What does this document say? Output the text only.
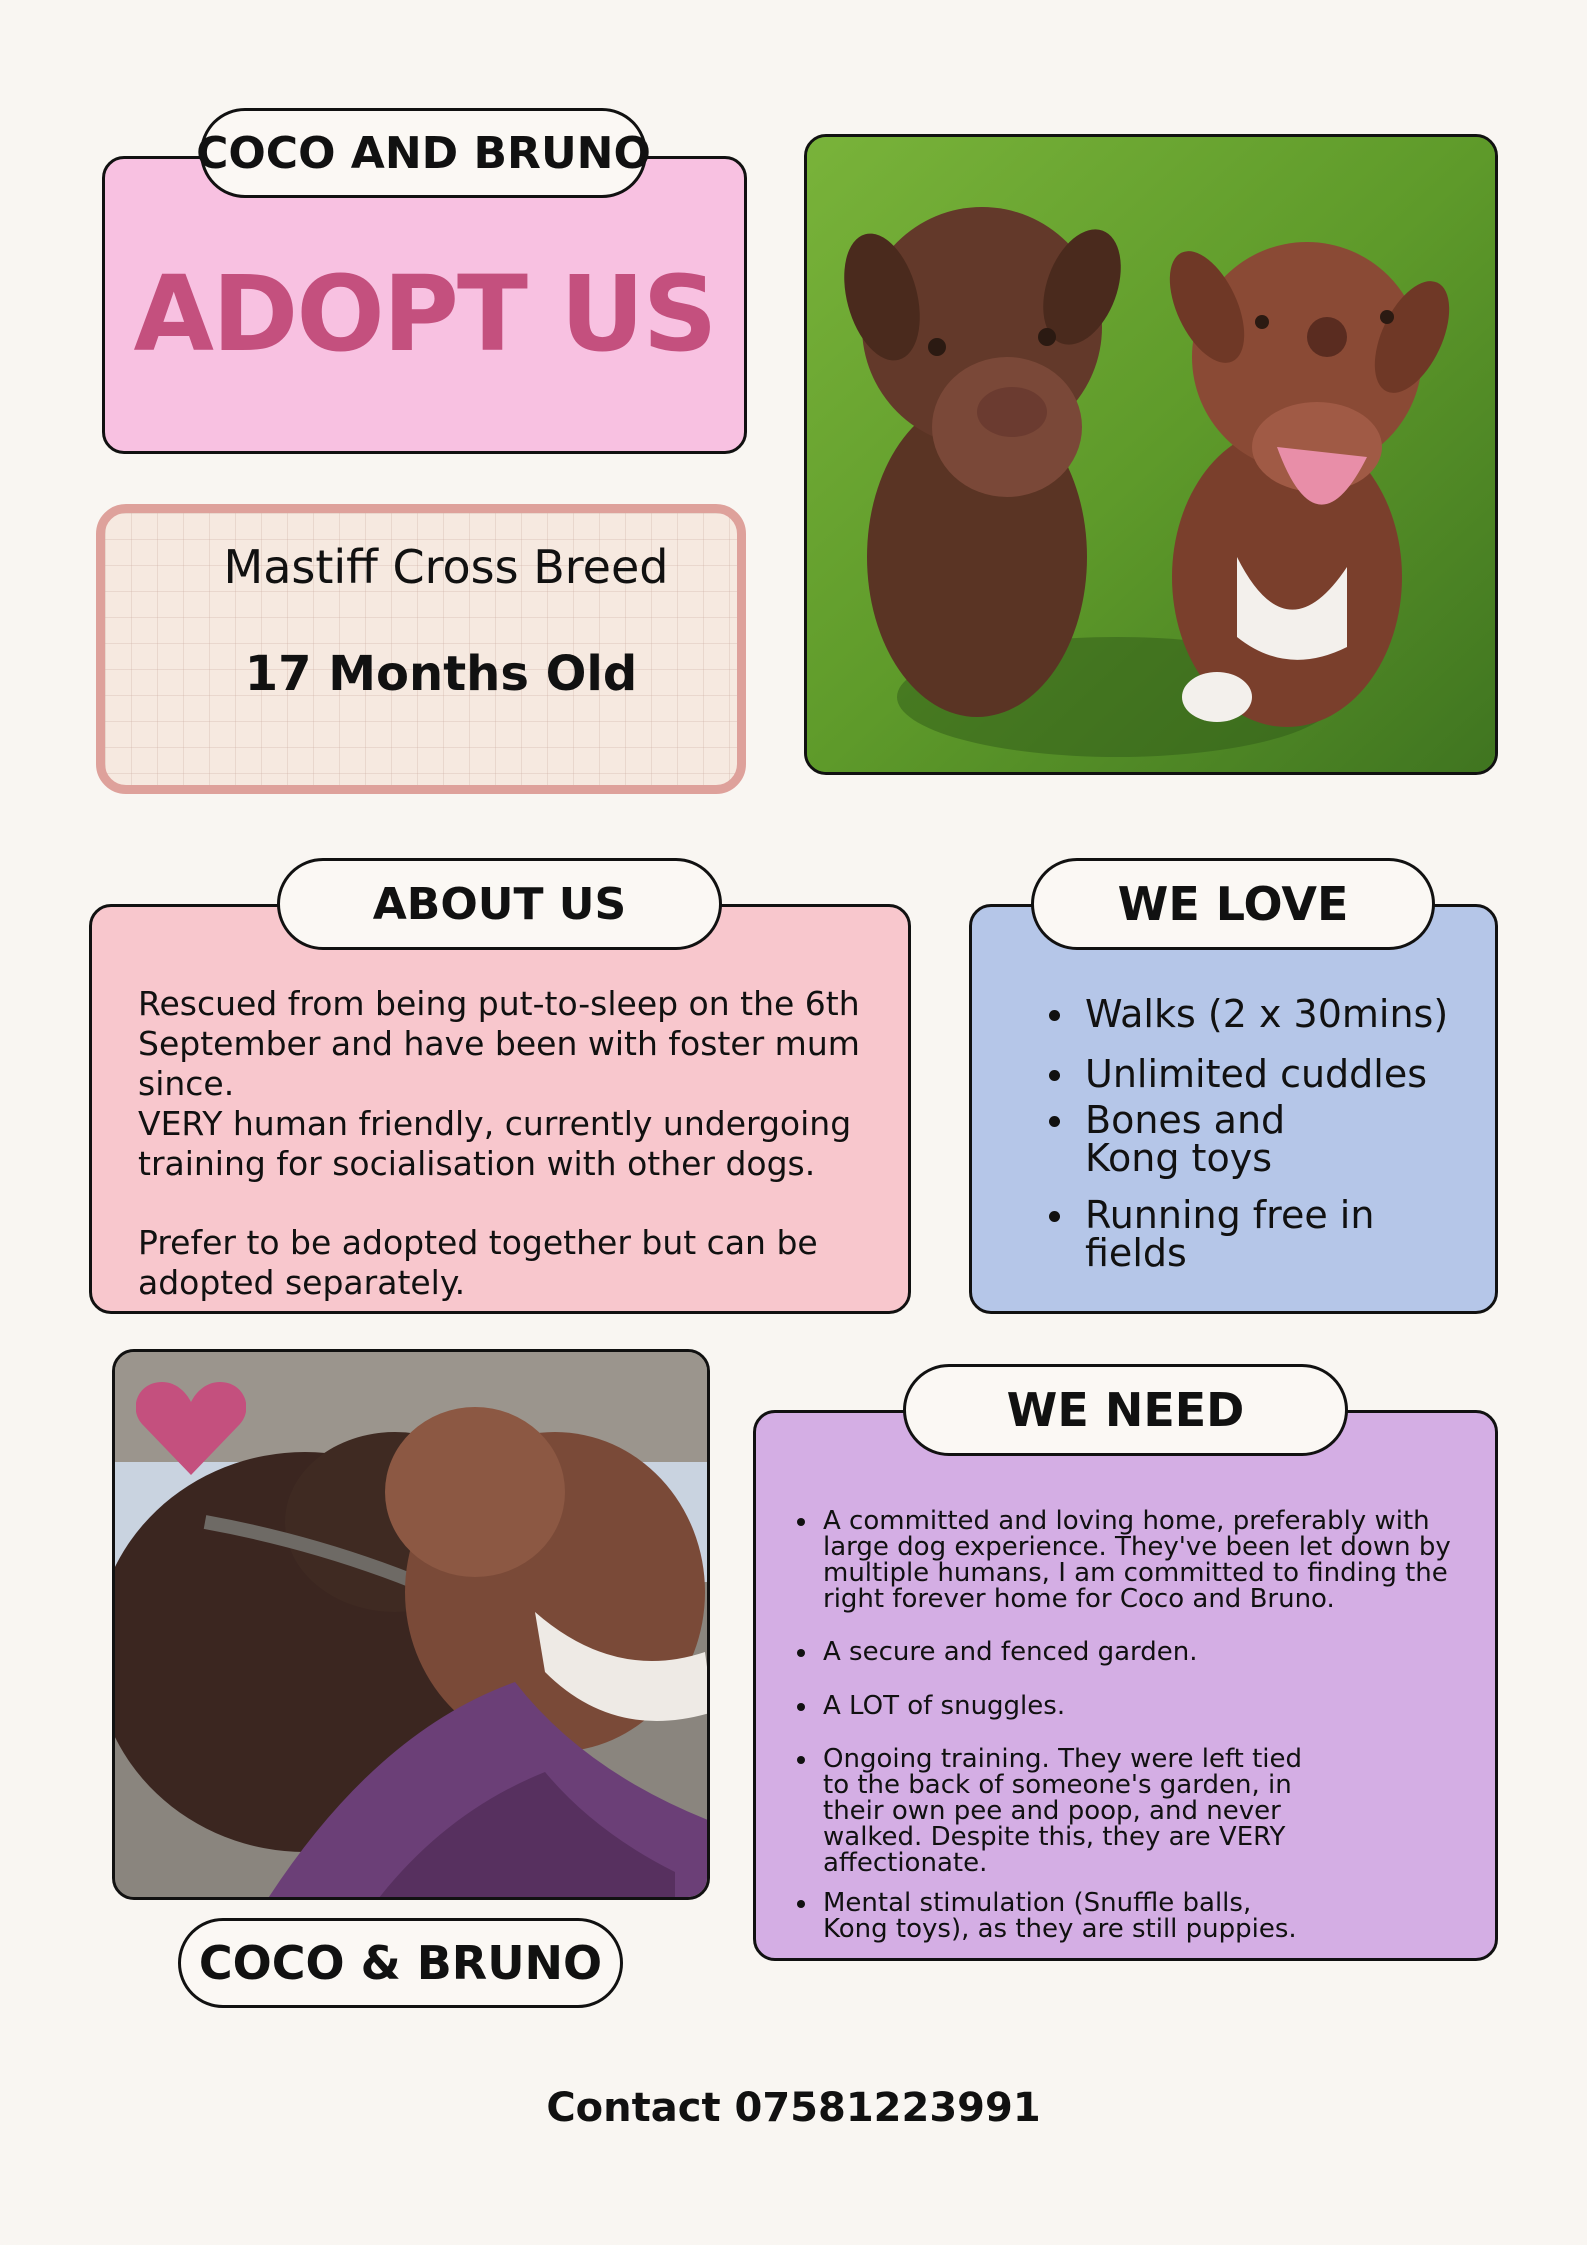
ADOPT US
COCO AND BRUNO
Mastiff Cross Breed
17 Months Old
ABOUT US
Rescued from being put-to-sleep on the 6th September and have been with foster mum since.
VERY human friendly, currently undergoing training for socialisation with other dogs.
Prefer to be adopted together but can be adopted separately.
WE LOVE
Walks (2 x 30mins)
Unlimited cuddles
Bones and Kong toys
Running free in fields
COCO & BRUNO
WE NEED
A committed and loving home, preferably with large dog experience. They've been let down by multiple humans, I am committed to finding the right forever home for Coco and Bruno.
A secure and fenced garden.
A LOT of snuggles.
Ongoing training. They were left tied to the back of someone's garden, in their own pee and poop, and never walked. Despite this, they are VERY affectionate.
Mental stimulation (Snuffle balls, Kong toys), as they are still puppies.
Contact 07581223991
